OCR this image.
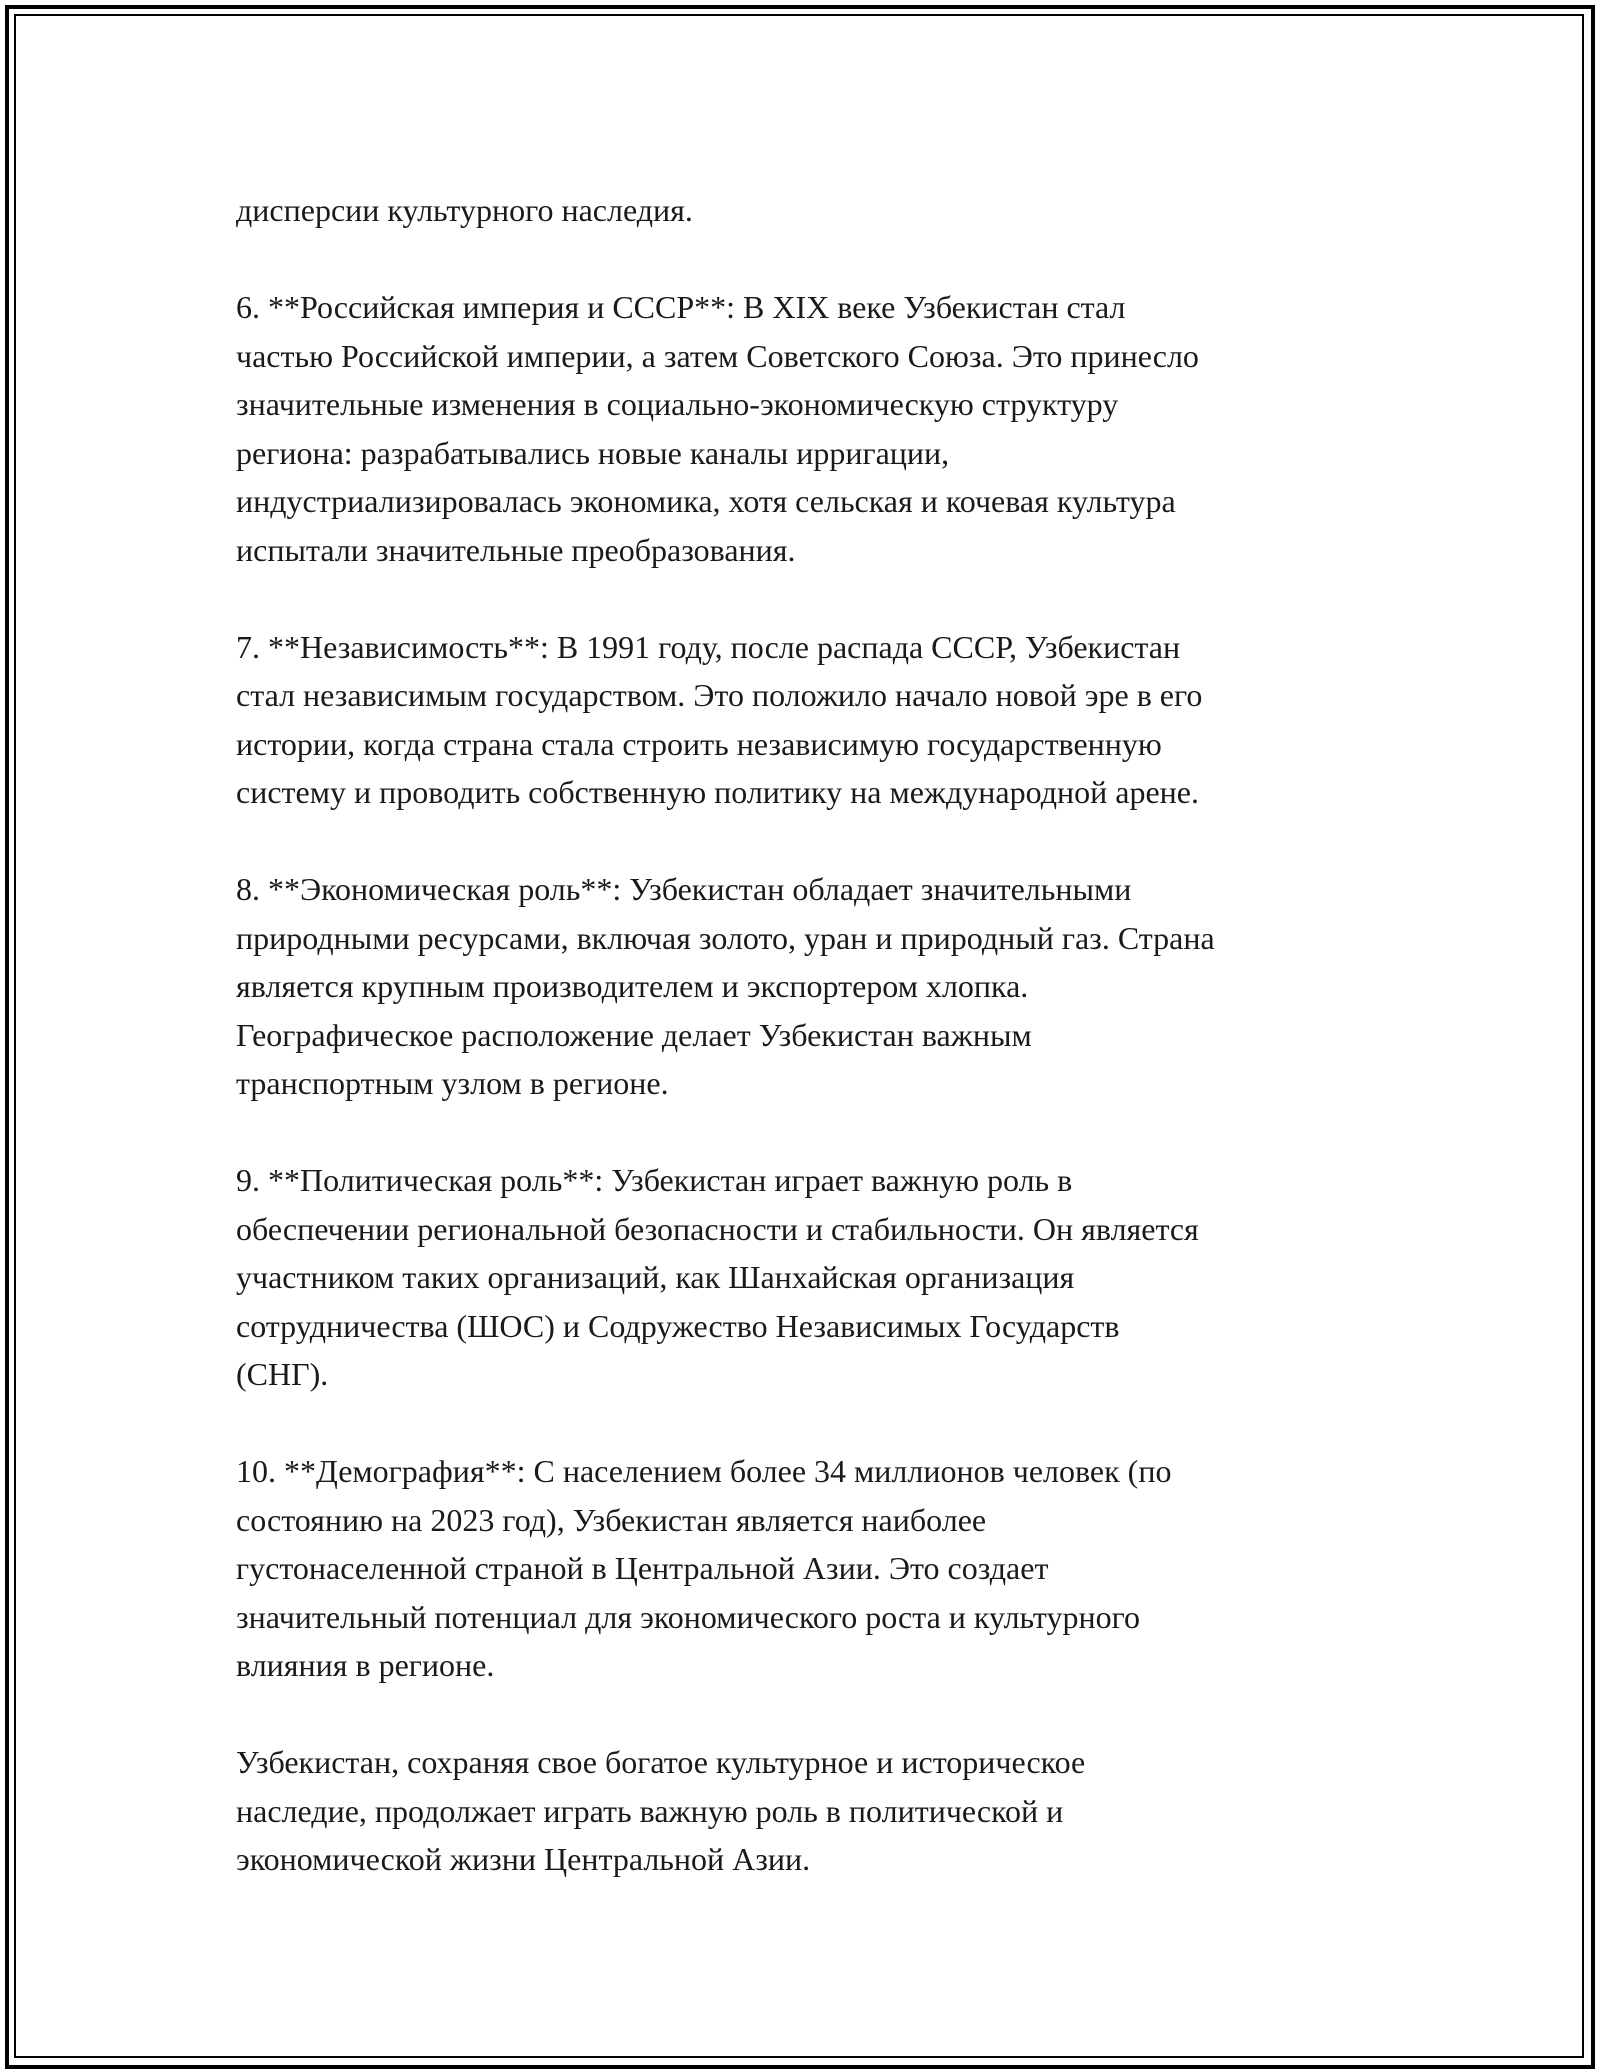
дисперсии культурного наследия.

6. **Российская империя и СССР**: В XIX веке Узбекистан стал
частью Российской империи, а затем Советского Союза. Это принесло
значительные изменения в социально-экономическую структуру
региона: разрабатывались новые каналы ирригации,
индустриализировалась экономика, хотя сельская и кочевая культура
испытали значительные преобразования.

7. **Независимость**: В 1991 году, после распада СССР, Узбекистан
стал независимым государством. Это положило начало новой эре в его
истории, когда страна стала строить независимую государственную
систему и проводить собственную политику на международной арене.

8. **Экономическая роль**: Узбекистан обладает значительными
природными ресурсами, включая золото, уран и природный газ. Страна
является крупным производителем и экспортером хлопка.
Географическое расположение делает Узбекистан важным
транспортным узлом в регионе.

9. **Политическая роль**: Узбекистан играет важную роль в
обеспечении региональной безопасности и стабильности. Он является
участником таких организаций, как Шанхайская организация
сотрудничества (ШОС) и Содружество Независимых Государств
(СНГ).

10. **Демография**: С населением более 34 миллионов человек (по
состоянию на 2023 год), Узбекистан является наиболее
густонаселенной страной в Центральной Азии. Это создает
значительный потенциал для экономического роста и культурного
влияния в регионе.

Узбекистан, сохраняя свое богатое культурное и историческое
наследие, продолжает играть важную роль в политической и
экономической жизни Центральной Азии.
